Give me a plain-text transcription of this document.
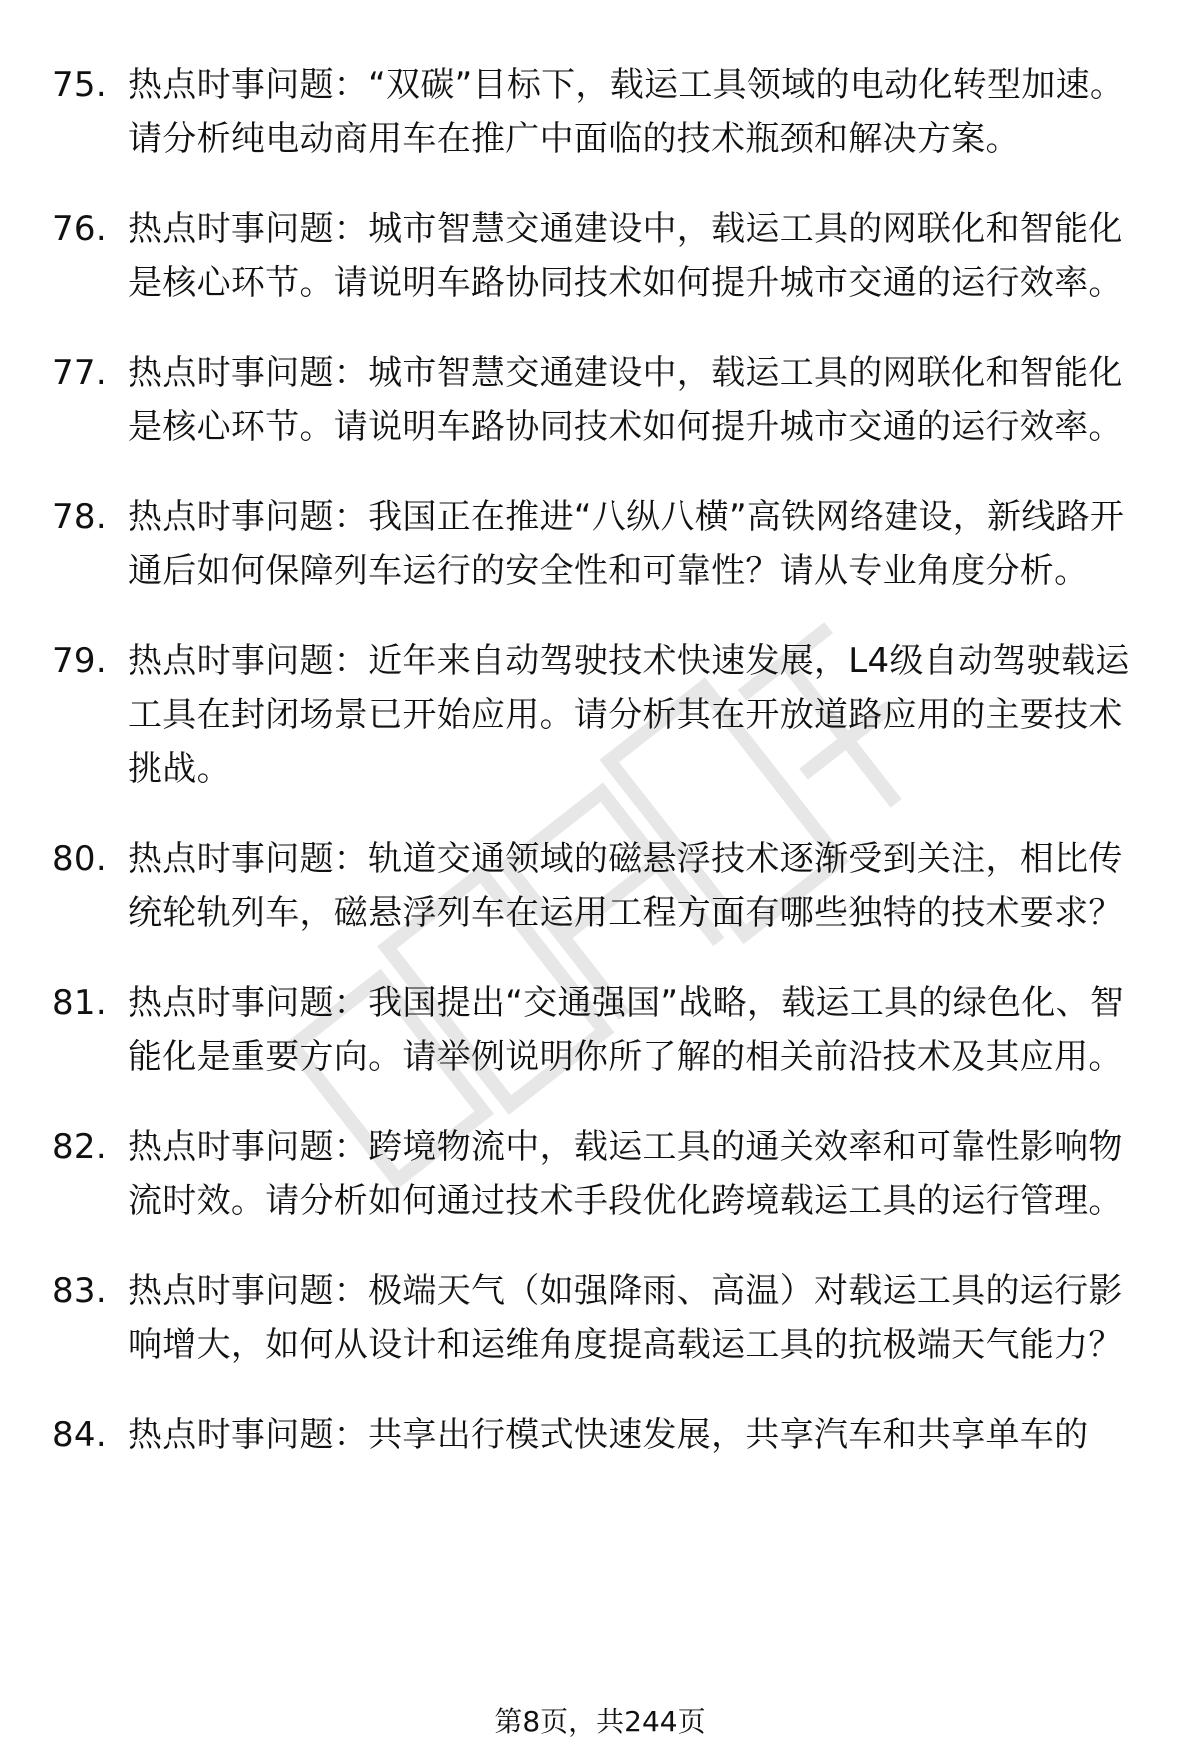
75. 热点时事问题：“双碳”目标下，载运工具领域的电动化转型加速。请分析纯电动商用车在推广中面临的技术瓶颈和解决方案。
76. 热点时事问题：城市智慧交通建设中，载运工具的网联化和智能化是核心环节。请说明车路协同技术如何提升城市交通的运行效率。
77. 热点时事问题：城市智慧交通建设中，载运工具的网联化和智能化是核心环节。请说明车路协同技术如何提升城市交通的运行效率。
78. 热点时事问题：我国正在推进“八纵八横”高铁网络建设，新线路开通后如何保障列车运行的安全性和可靠性？请从专业角度分析。
79. 热点时事问题：近年来自动驾驶技术快速发展，L4级自动驾驶载运工具在封闭场景已开始应用。请分析其在开放道路应用的主要技术挑战。
80. 热点时事问题：轨道交通领域的磁悬浮技术逐渐受到关注，相比传统轮轨列车，磁悬浮列车在运用工程方面有哪些独特的技术要求？
81. 热点时事问题：我国提出“交通强国”战略，载运工具的绿色化、智能化是重要方向。请举例说明你所了解的相关前沿技术及其应用。
82. 热点时事问题：跨境物流中，载运工具的通关效率和可靠性影响物流时效。请分析如何通过技术手段优化跨境载运工具的运行管理。
83. 热点时事问题：极端天气（如强降雨、高温）对载运工具的运行影响增大，如何从设计和运维角度提高载运工具的抗极端天气能力？
84. 热点时事问题：共享出行模式快速发展，共享汽车和共享单车的
第8页，共244页
